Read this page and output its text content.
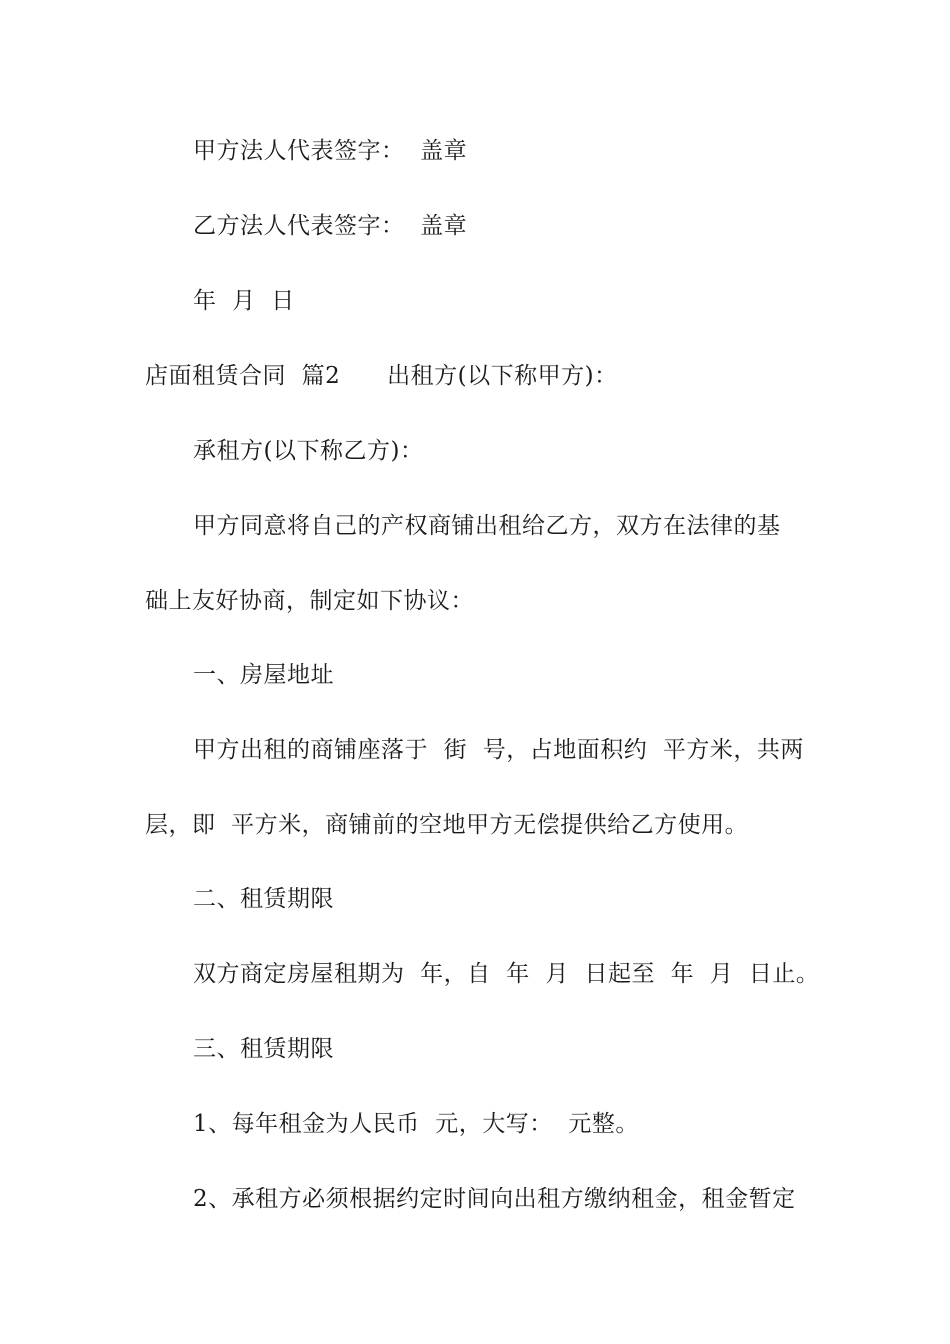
甲方法人代表签字：  盖章
乙方法人代表签字：  盖章
年  月  日
店面租赁合同  篇2      出租方(以下称甲方)：
承租方(以下称乙方)：
甲方同意将自己的产权商铺出租给乙方，双方在法律的基
础上友好协商，制定如下协议：
一、房屋地址
甲方出租的商铺座落于  街  号，占地面积约  平方米，共两
层，即  平方米，商铺前的空地甲方无偿提供给乙方使用。
二、租赁期限
双方商定房屋租期为  年，自  年  月  日起至  年  月  日止。
三、租赁期限
1、每年租金为人民币  元，大写：  元整。
2、承租方必须根据约定时间向出租方缴纳租金，租金暂定
